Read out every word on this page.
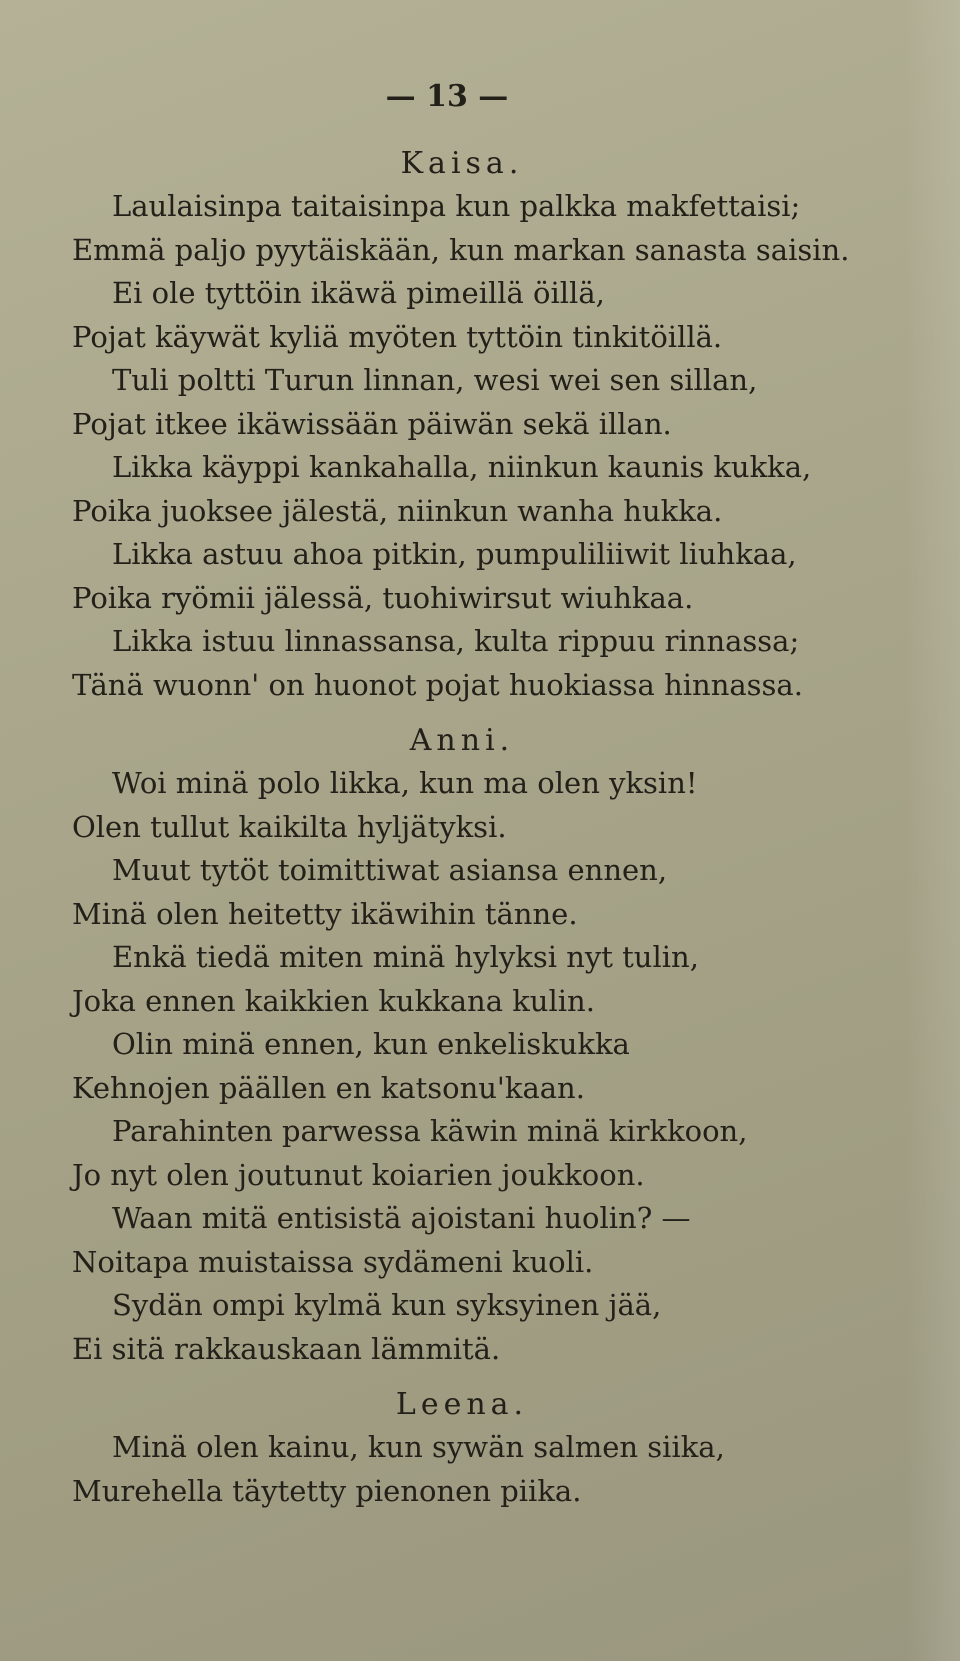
— 13 —
Kaisa.
Laulaisinpa taitaisinpa kun palkka makfettaisi;
Emmä paljo pyytäiskään, kun markan sanasta saisin.
Ei ole tyttöin ikäwä pimeillä öillä,
Pojat käywät kyliä myöten tyttöin tinkitöillä.
Tuli poltti Turun linnan, wesi wei sen sillan,
Pojat itkee ikäwissään päiwän sekä illan.
Likka käyppi kankahalla, niinkun kaunis kukka,
Poika juoksee jälestä, niinkun wanha hukka.
Likka astuu ahoa pitkin, pumpuliliiwit liuhkaa,
Poika ryömii jälessä, tuohiwirsut wiuhkaa.
Likka istuu linnassansa, kulta rippuu rinnassa;
Tänä wuonn' on huonot pojat huokiassa hinnassa.
Anni.
Woi minä polo likka, kun ma olen yksin!
Olen tullut kaikilta hyljätyksi.
Muut tytöt toimittiwat asiansa ennen,
Minä olen heitetty ikäwihin tänne.
Enkä tiedä miten minä hylyksi nyt tulin,
Joka ennen kaikkien kukkana kulin.
Olin minä ennen, kun enkeliskukka
Kehnojen päällen en katsonu'kaan.
Parahinten parwessa käwin minä kirkkoon,
Jo nyt olen joutunut koiarien joukkoon.
Waan mitä entisistä ajoistani huolin? —
Noitapa muistaissa sydämeni kuoli.
Sydän ompi kylmä kun syksyinen jää,
Ei sitä rakkauskaan lämmitä.
Leena.
Minä olen kainu, kun sywän salmen siika,
Murehella täytetty pienonen piika.
